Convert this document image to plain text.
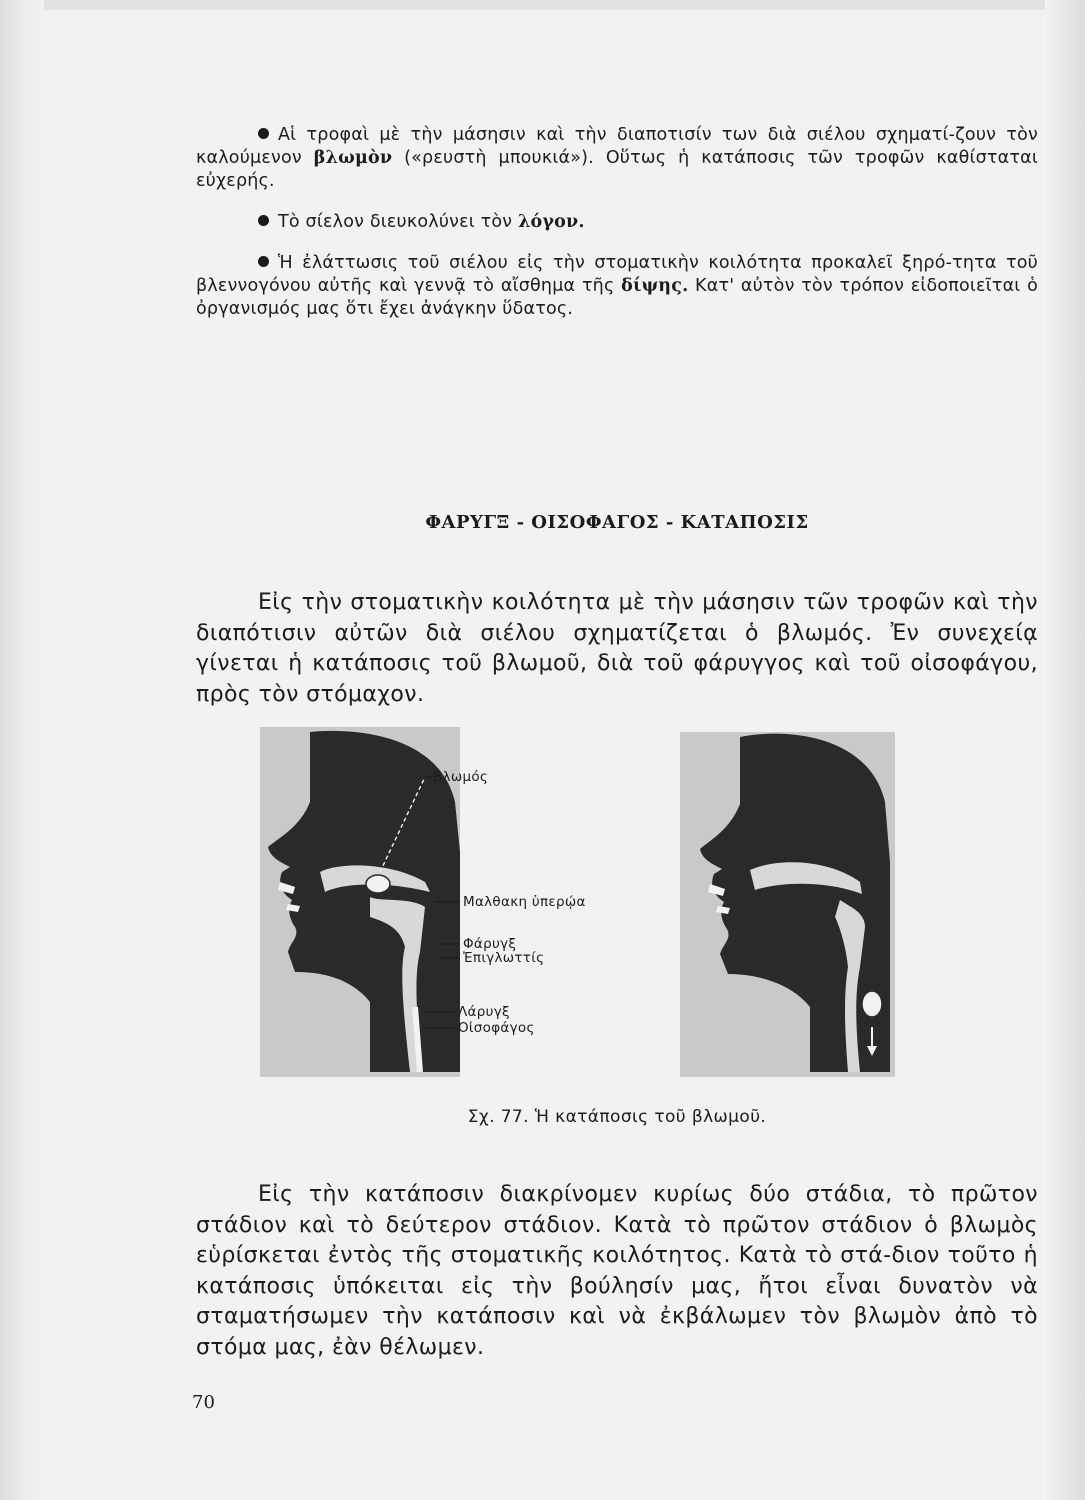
Αἱ τροφαὶ μὲ τὴν μάσησιν καὶ τὴν διαποτισίν των διὰ σιέλου σχηματί-ζουν τὸν καλούμενον βλωμὸν («ρευστὴ μπουκιά»). Οὕτως ἡ κατάποσις τῶν τροφῶν καθίσταται εὐχερής.

Τὸ σίελον διευκολύνει τὸν λόγον.

Ἡ ἐλάττωσις τοῦ σιέλου εἰς τὴν στοματικὴν κοιλότητα προκαλεῖ ξηρό-τητα τοῦ βλεννογόνου αὐτῆς καὶ γεννᾷ τὸ αἴσθημα τῆς δίψης. Κατ' αὐτὸν τὸν τρόπον εἰδοποιεῖται ὁ ὀργανισμός μας ὅτι ἔχει ἀνάγκην ὕδατος.

ΦΑΡΥΓΞ - ΟΙΣΟΦΑΓΟΣ - ΚΑΤΑΠΟΣΙΣ

Εἰς τὴν στοματικὴν κοιλότητα μὲ τὴν μάσησιν τῶν τροφῶν καὶ τὴν διαπότισιν αὐτῶν διὰ σιέλου σχηματίζεται ὁ βλωμός. Ἐν συνεχείᾳ γίνεται ἡ κατάποσις τοῦ βλωμοῦ, διὰ τοῦ φάρυγγος καὶ τοῦ οἰσοφάγου, πρὸς τὸν στόμαχον.

Βλωμός
Μαλθακη ὑπερῴα
Φάρυγξ
Ἐπιγλωττίς
Λάρυγξ
Οἰσοφάγος
Σχ. 77. Ἡ κατάποσις τοῦ βλωμοῦ.

Εἰς τὴν κατάποσιν διακρίνομεν κυρίως δύο στάδια, τὸ πρῶτον στάδιον καὶ τὸ δεύτερον στάδιον. Κατὰ τὸ πρῶτον στάδιον ὁ βλωμὸς εὑρίσκεται ἐντὸς τῆς στοματικῆς κοιλότητος. Κατὰ τὸ στά-διον τοῦτο ἡ κατάποσις ὑπόκειται εἰς τὴν βούλησίν μας, ἤτοι εἶναι δυνατὸν νὰ σταματήσωμεν τὴν κατάποσιν καὶ νὰ ἐκβάλωμεν τὸν βλωμὸν ἀπὸ τὸ στόμα μας, ἐὰν θέλωμεν.

70
